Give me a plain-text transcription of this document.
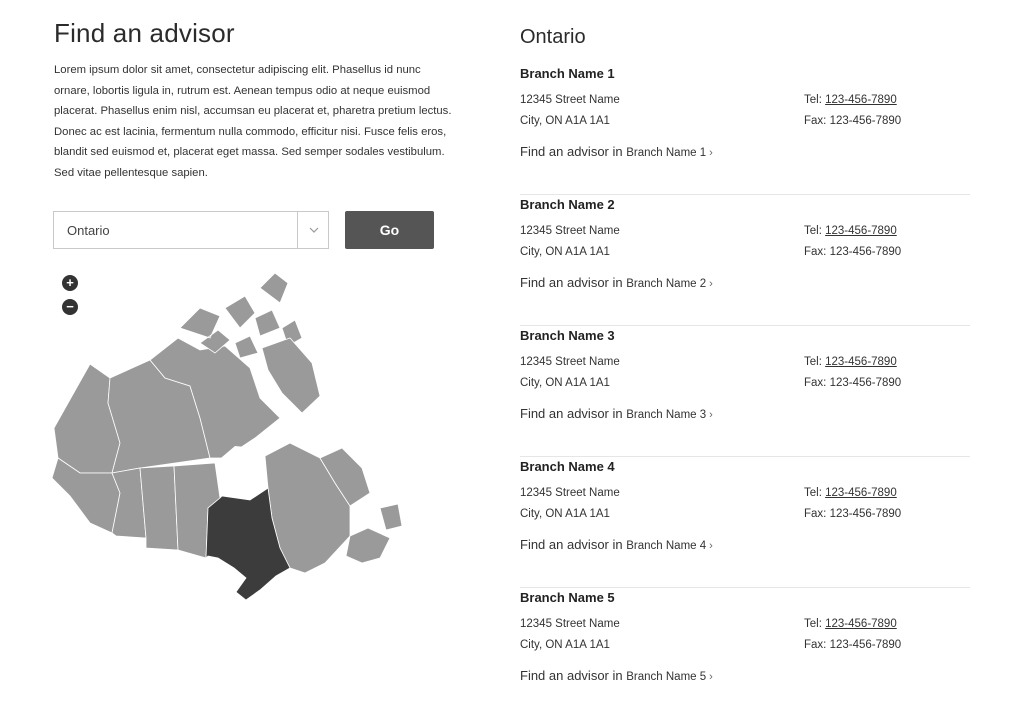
Find an advisor

Lorem ipsum dolor sit amet, consectetur adipiscing elit. Phasellus id nunc ornare, lobortis ligula in, rutrum est. Aenean tempus odio at neque euismod placerat. Phasellus enim nisl, accumsan eu placerat et, pharetra pretium lectus. Donec ac est lacinia, fermentum nulla commodo, efficitur nisi. Fusce felis eros, blandit sed euismod et, placerat eget massa. Sed semper sodales vestibulum. Sed vitae pellentesque sapien.

Ontario	Go
+
−
Ontario
Branch Name 1
12345 Street Name
City, ON A1A 1A1
Tel: 123-456-7890
Fax: 123-456-7890
Find an advisor in Branch Name 1 ›
Branch Name 2
12345 Street Name
City, ON A1A 1A1
Tel: 123-456-7890
Fax: 123-456-7890
Find an advisor in Branch Name 2 ›
Branch Name 3
12345 Street Name
City, ON A1A 1A1
Tel: 123-456-7890
Fax: 123-456-7890
Find an advisor in Branch Name 3 ›
Branch Name 4
12345 Street Name
City, ON A1A 1A1
Tel: 123-456-7890
Fax: 123-456-7890
Find an advisor in Branch Name 4 ›
Branch Name 5
12345 Street Name
City, ON A1A 1A1
Tel: 123-456-7890
Fax: 123-456-7890
Find an advisor in Branch Name 5 ›
